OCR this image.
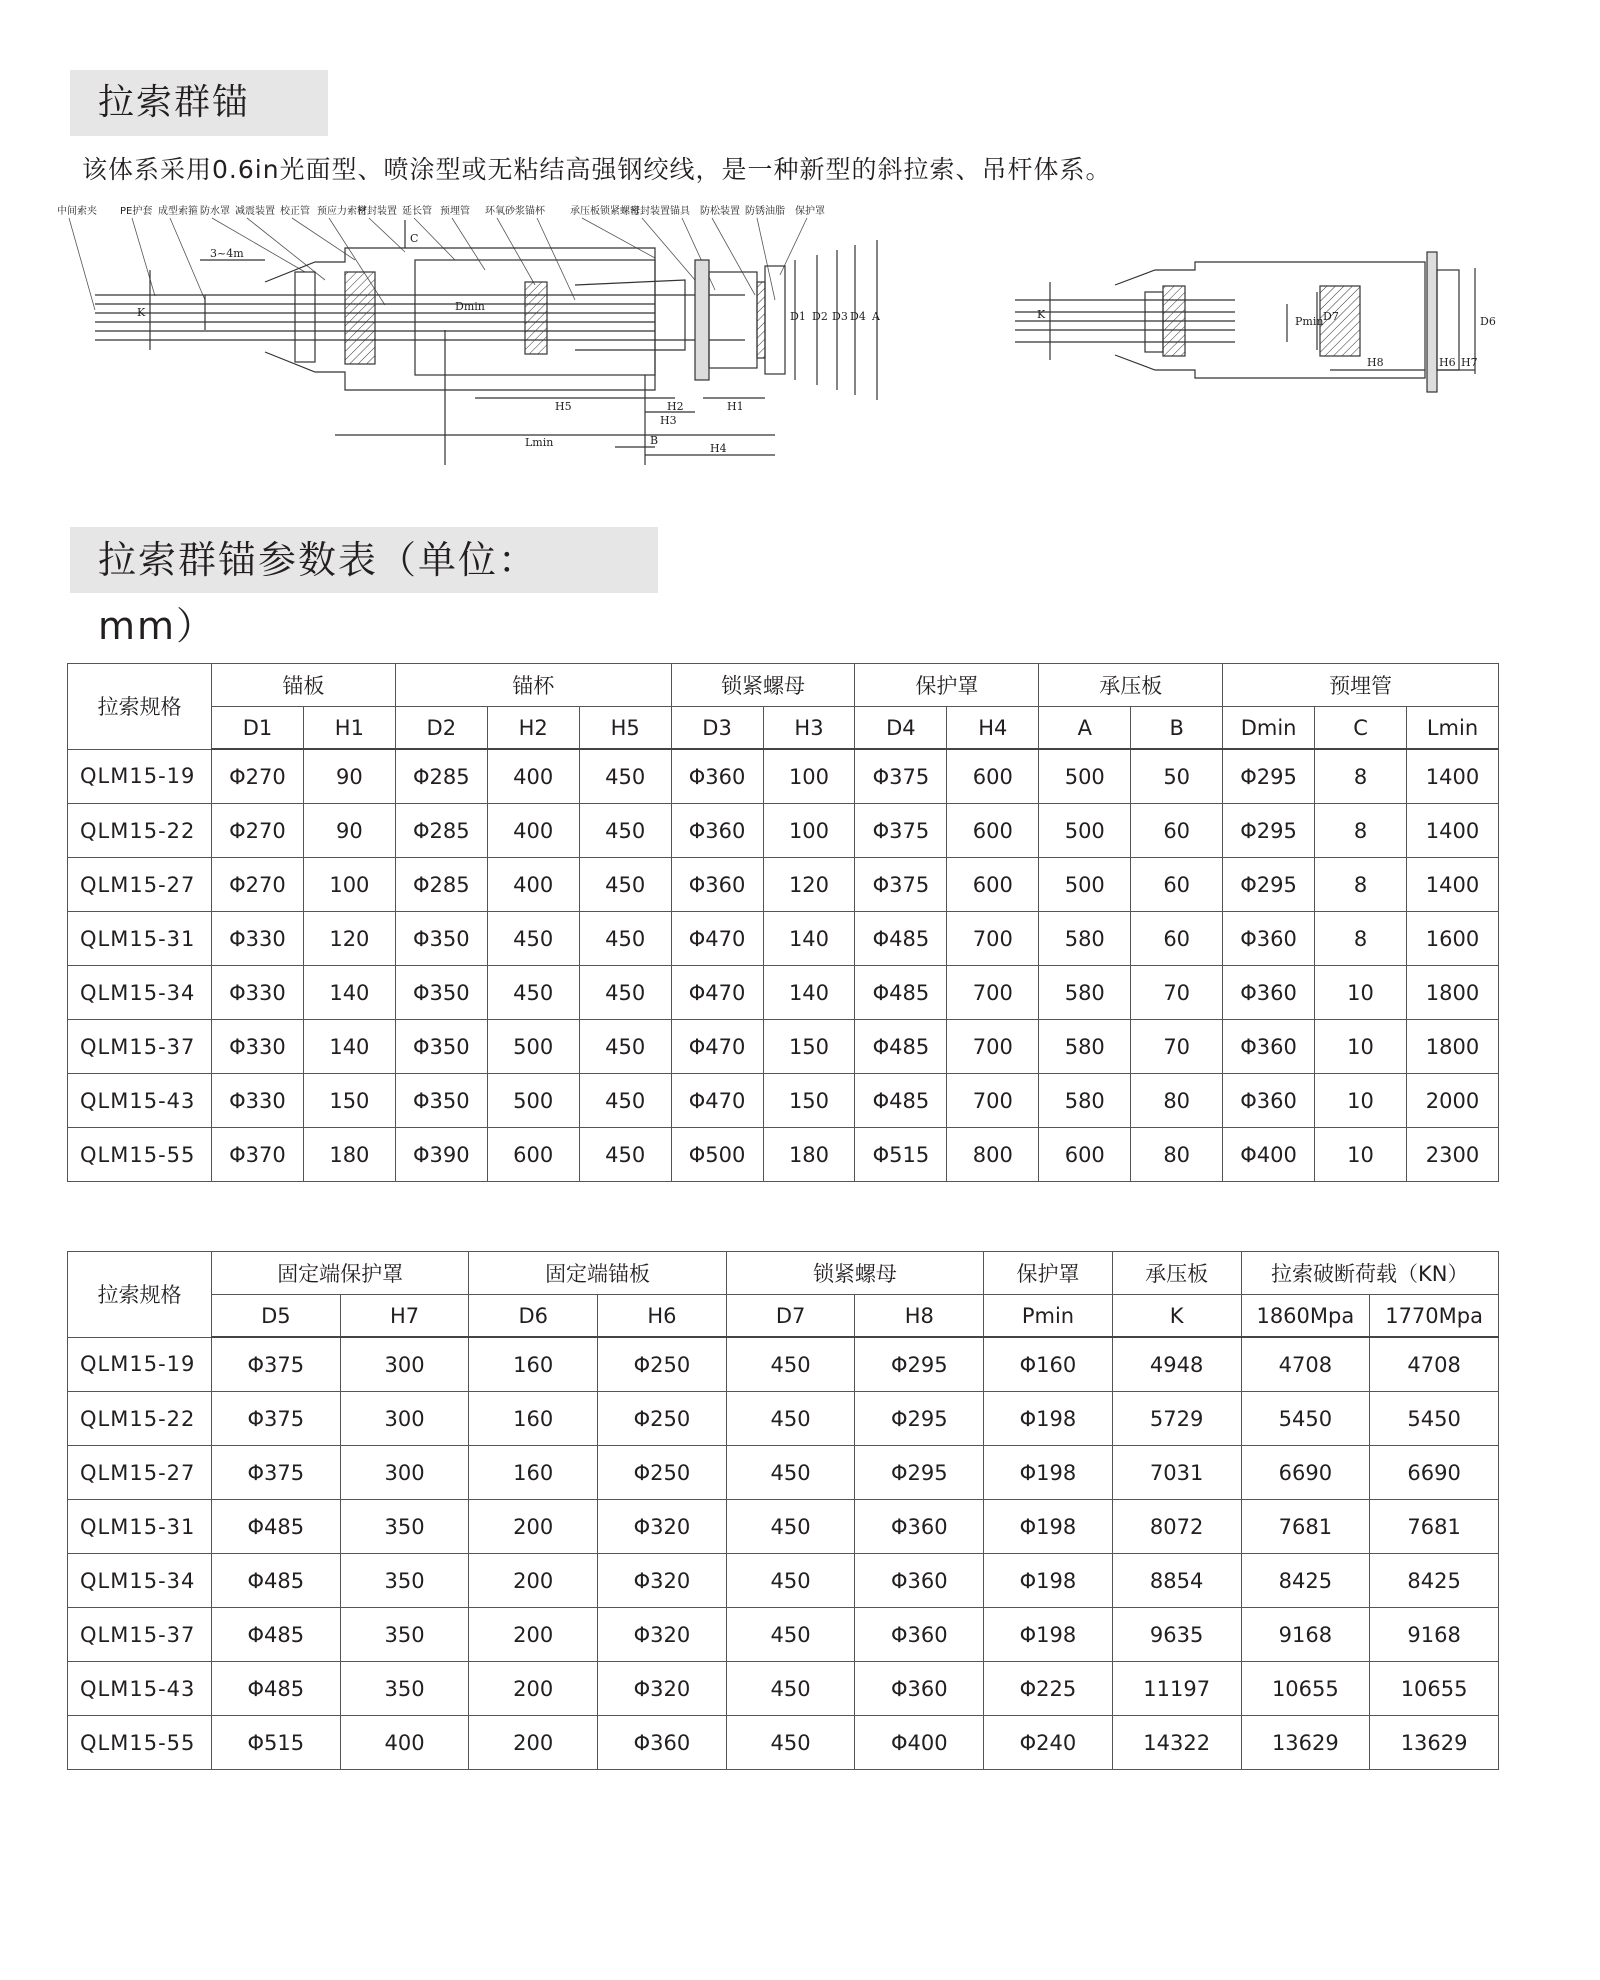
拉索群锚
该体系采用0.6in光面型、喷涂型或无粘结高强钢绞线，是一种新型的斜拉索、吊杆体系。
中间索夹 PE护套 成型索箍 防水罩 减震装置 校正管 预应力索材
密封装置 延长管 预埋管 环氧砂浆 锚杯	承压板锁紧螺母
密封装置 锚具 防松装置 防锈油脂 保护罩
K
3~4m
C
Dmin
D1 D2 D3 D4 A
H5	H2
H3
H1
Lmin	B
H4
K
Pmin D7	D6
H8	H6 H7
拉索群锚参数表（单位：mm）
拉索规格	锚板		锚杯			锁紧螺母		保护罩		承压板		预埋管		
	D1	H1	D2	H2	H5	D3	H3	D4	H4	A	B	Dmin	C	Lmin
QLM15-19	Φ270	90	Φ285	400	450	Φ360	100	Φ375	600	500	50	Φ295	8	1400
QLM15-22	Φ270	90	Φ285	400	450	Φ360	100	Φ375	600	500	60	Φ295	8	1400
QLM15-27	Φ270	100	Φ285	400	450	Φ360	120	Φ375	600	500	60	Φ295	8	1400
QLM15-31	Φ330	120	Φ350	450	450	Φ470	140	Φ485	700	580	60	Φ360	8	1600
QLM15-34	Φ330	140	Φ350	450	450	Φ470	140	Φ485	700	580	70	Φ360	10	1800
QLM15-37	Φ330	140	Φ350	500	450	Φ470	150	Φ485	700	580	70	Φ360	10	1800
QLM15-43	Φ330	150	Φ350	500	450	Φ470	150	Φ485	700	580	80	Φ360	10	2000
QLM15-55	Φ370	180	Φ390	600	450	Φ500	180	Φ515	800	600	80	Φ400	10	2300
拉索规格	固定端保护罩		固定端锚板		锁紧螺母		保护罩	承压板	拉索破断荷载（KN）	
	D5	H7	D6	H6	D7	H8	Pmin	K	1860Mpa	1770Mpa
QLM15-19	Φ375	300	160	Φ250	450	Φ295	Φ160	4948	4708	4708
QLM15-22	Φ375	300	160	Φ250	450	Φ295	Φ198	5729	5450	5450
QLM15-27	Φ375	300	160	Φ250	450	Φ295	Φ198	7031	6690	6690
QLM15-31	Φ485	350	200	Φ320	450	Φ360	Φ198	8072	7681	7681
QLM15-34	Φ485	350	200	Φ320	450	Φ360	Φ198	8854	8425	8425
QLM15-37	Φ485	350	200	Φ320	450	Φ360	Φ198	9635	9168	9168
QLM15-43	Φ485	350	200	Φ320	450	Φ360	Φ225	11197	10655	10655
QLM15-55	Φ515	400	200	Φ360	450	Φ400	Φ240	14322	13629	13629
